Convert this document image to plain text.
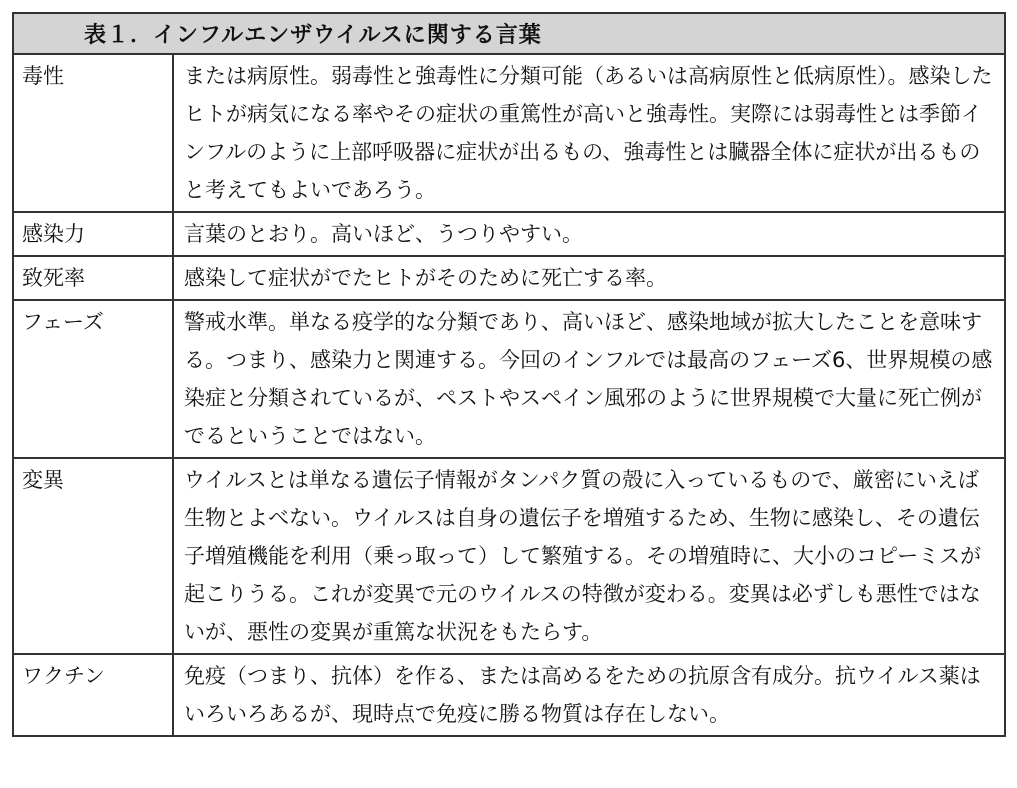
表１．インフルエンザウイルスに関する言葉	
毒性	または病原性。弱毒性と強毒性に分類可能（あるいは高病原性と低病原性）。感染したヒトが病気になる率やその症状の重篤性が高いと強毒性。実際には弱毒性とは季節インフルのように上部呼吸器に症状が出るもの、強毒性とは臓器全体に症状が出るものと考えてもよいであろう。
感染力	言葉のとおり。高いほど、うつりやすい。
致死率	感染して症状がでたヒトがそのために死亡する率。
フェーズ	警戒水準。単なる疫学的な分類であり、高いほど、感染地域が拡大したことを意味する。つまり、感染力と関連する。今回のインフルでは最高のフェーズ6、世界規模の感染症と分類されているが、ペストやスペイン風邪のように世界規模で大量に死亡例がでるということではない。
変異	ウイルスとは単なる遺伝子情報がタンパク質の殻に入っているもので、厳密にいえば生物とよべない。ウイルスは自身の遺伝子を増殖するため、生物に感染し、その遺伝子増殖機能を利用（乗っ取って）して繁殖する。その増殖時に、大小のコピーミスが起こりうる。これが変異で元のウイルスの特徴が変わる。変異は必ずしも悪性ではないが、悪性の変異が重篤な状況をもたらす。
ワクチン	免疫（つまり、抗体）を作る、または高めるをための抗原含有成分。抗ウイルス薬はいろいろあるが、現時点で免疫に勝る物質は存在しない。
